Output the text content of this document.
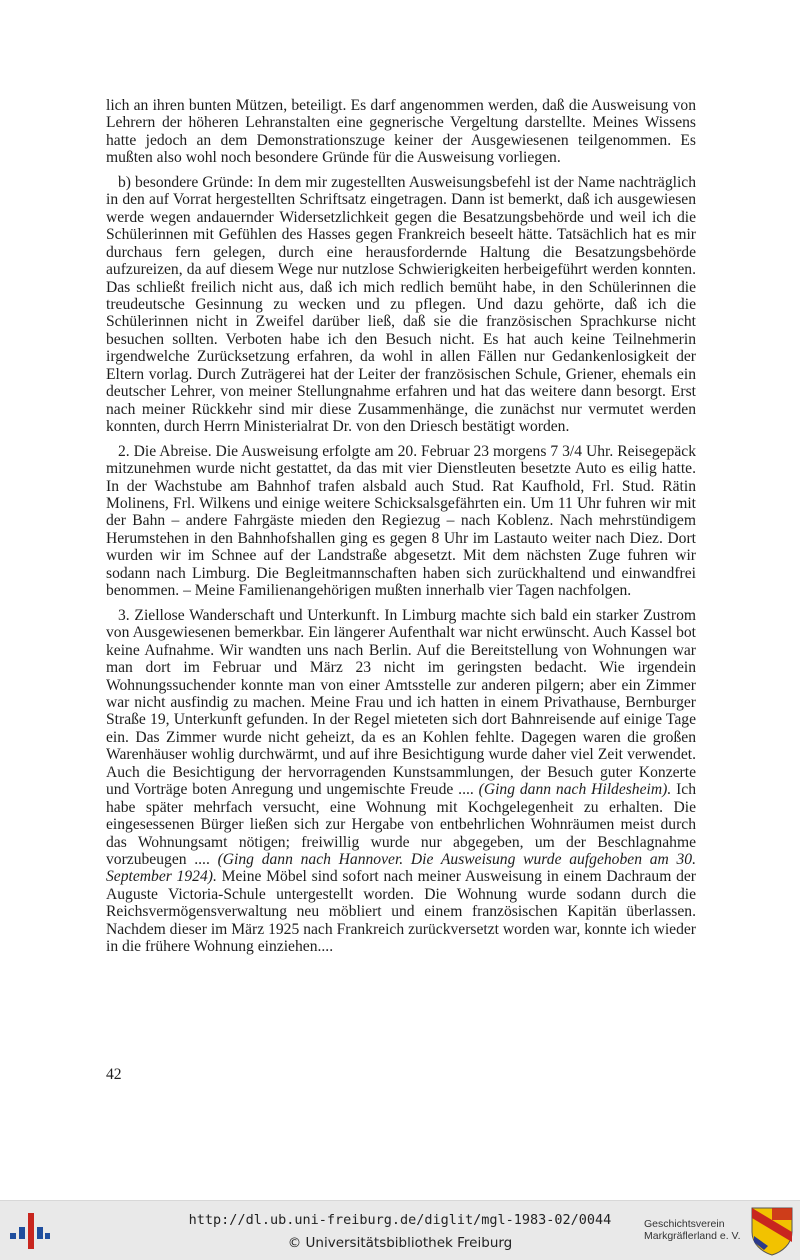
lich an ihren bunten Mützen, beteiligt. Es darf angenommen werden, daß die Ausweisung von Lehrern der höheren Lehranstalten eine gegnerische Vergeltung darstellte. Meines Wissens hatte jedoch an dem Demonstrationszuge keiner der Ausgewiesenen teilgenommen. Es mußten also wohl noch besondere Gründe für die Ausweisung vorliegen.

b) besondere Gründe: In dem mir zugestellten Ausweisungsbefehl ist der Name nachträglich in den auf Vorrat hergestellten Schriftsatz eingetragen. Dann ist bemerkt, daß ich ausgewiesen werde wegen andauernder Widersetzlichkeit gegen die Besatzungsbehörde und weil ich die Schülerinnen mit Gefühlen des Hasses gegen Frankreich beseelt hätte. Tatsächlich hat es mir durchaus fern gelegen, durch eine herausfordernde Haltung die Besatzungsbehörde aufzureizen, da auf diesem Wege nur nutzlose Schwierigkeiten herbeigeführt werden konnten. Das schließt freilich nicht aus, daß ich mich redlich bemüht habe, in den Schülerinnen die treudeutsche Gesinnung zu wecken und zu pflegen. Und dazu gehörte, daß ich die Schülerinnen nicht in Zweifel darüber ließ, daß sie die französischen Sprachkurse nicht besuchen sollten. Verboten habe ich den Besuch nicht. Es hat auch keine Teilnehmerin irgendwelche Zurücksetzung erfahren, da wohl in allen Fällen nur Gedankenlosigkeit der Eltern vorlag. Durch Zuträgerei hat der Leiter der französischen Schule, Griener, ehemals ein deutscher Lehrer, von meiner Stellungnahme erfahren und hat das weitere dann besorgt. Erst nach meiner Rückkehr sind mir diese Zusammenhänge, die zunächst nur vermutet werden konnten, durch Herrn Ministerialrat Dr. von den Driesch bestätigt worden.

2. Die Abreise. Die Ausweisung erfolgte am 20. Februar 23 morgens 7 3/4 Uhr. Reisegepäck mitzunehmen wurde nicht gestattet, da das mit vier Dienstleuten besetzte Auto es eilig hatte. In der Wachstube am Bahnhof trafen alsbald auch Stud. Rat Kaufhold, Frl. Stud. Rätin Molinens, Frl. Wilkens und einige weitere Schicksalsgefährten ein. Um 11 Uhr fuhren wir mit der Bahn – andere Fahrgäste mieden den Regiezug – nach Koblenz. Nach mehrstündigem Herumstehen in den Bahnhofshallen ging es gegen 8 Uhr im Lastauto weiter nach Diez. Dort wurden wir im Schnee auf der Landstraße abgesetzt. Mit dem nächsten Zuge fuhren wir sodann nach Limburg. Die Begleitmannschaften haben sich zurückhaltend und einwandfrei benommen. – Meine Familienangehörigen mußten innerhalb vier Tagen nachfolgen.

3. Ziellose Wanderschaft und Unterkunft. In Limburg machte sich bald ein starker Zustrom von Ausgewiesenen bemerkbar. Ein längerer Aufenthalt war nicht erwünscht. Auch Kassel bot keine Aufnahme. Wir wandten uns nach Berlin. Auf die Bereitstellung von Wohnungen war man dort im Februar und März 23 nicht im geringsten bedacht. Wie irgendein Wohnungssuchender konnte man von einer Amtsstelle zur anderen pilgern; aber ein Zimmer war nicht ausfindig zu machen. Meine Frau und ich hatten in einem Privathause, Bernburger Straße 19, Unterkunft gefunden. In der Regel mieteten sich dort Bahnreisende auf einige Tage ein. Das Zimmer wurde nicht geheizt, da es an Kohlen fehlte. Dagegen waren die großen Warenhäuser wohlig durchwärmt, und auf ihre Besichtigung wurde daher viel Zeit verwendet. Auch die Besichtigung der hervorragenden Kunstsammlungen, der Besuch guter Konzerte und Vorträge boten Anregung und ungemischte Freude .... (Ging dann nach Hildesheim). Ich habe später mehrfach versucht, eine Wohnung mit Kochgelegenheit zu erhalten. Die eingesessenen Bürger ließen sich zur Hergabe von entbehrlichen Wohnräumen meist durch das Wohnungsamt nötigen; freiwillig wurde nur abgegeben, um der Beschlagnahme vorzubeugen .... (Ging dann nach Hannover. Die Ausweisung wurde aufgehoben am 30. September 1924). Meine Möbel sind sofort nach meiner Ausweisung in einem Dachraum der Auguste Victoria-Schule untergestellt worden. Die Wohnung wurde sodann durch die Reichsvermögensverwaltung neu möbliert und einem französischen Kapitän überlassen. Nachdem dieser im März 1925 nach Frankreich zurückversetzt worden war, konnte ich wieder in die frühere Wohnung einziehen....

42
http://dl.ub.uni-freiburg.de/diglit/mgl-1983-02/0044
© Universitätsbibliothek Freiburg
Geschichtsverein
Markgräflerland e. V.
